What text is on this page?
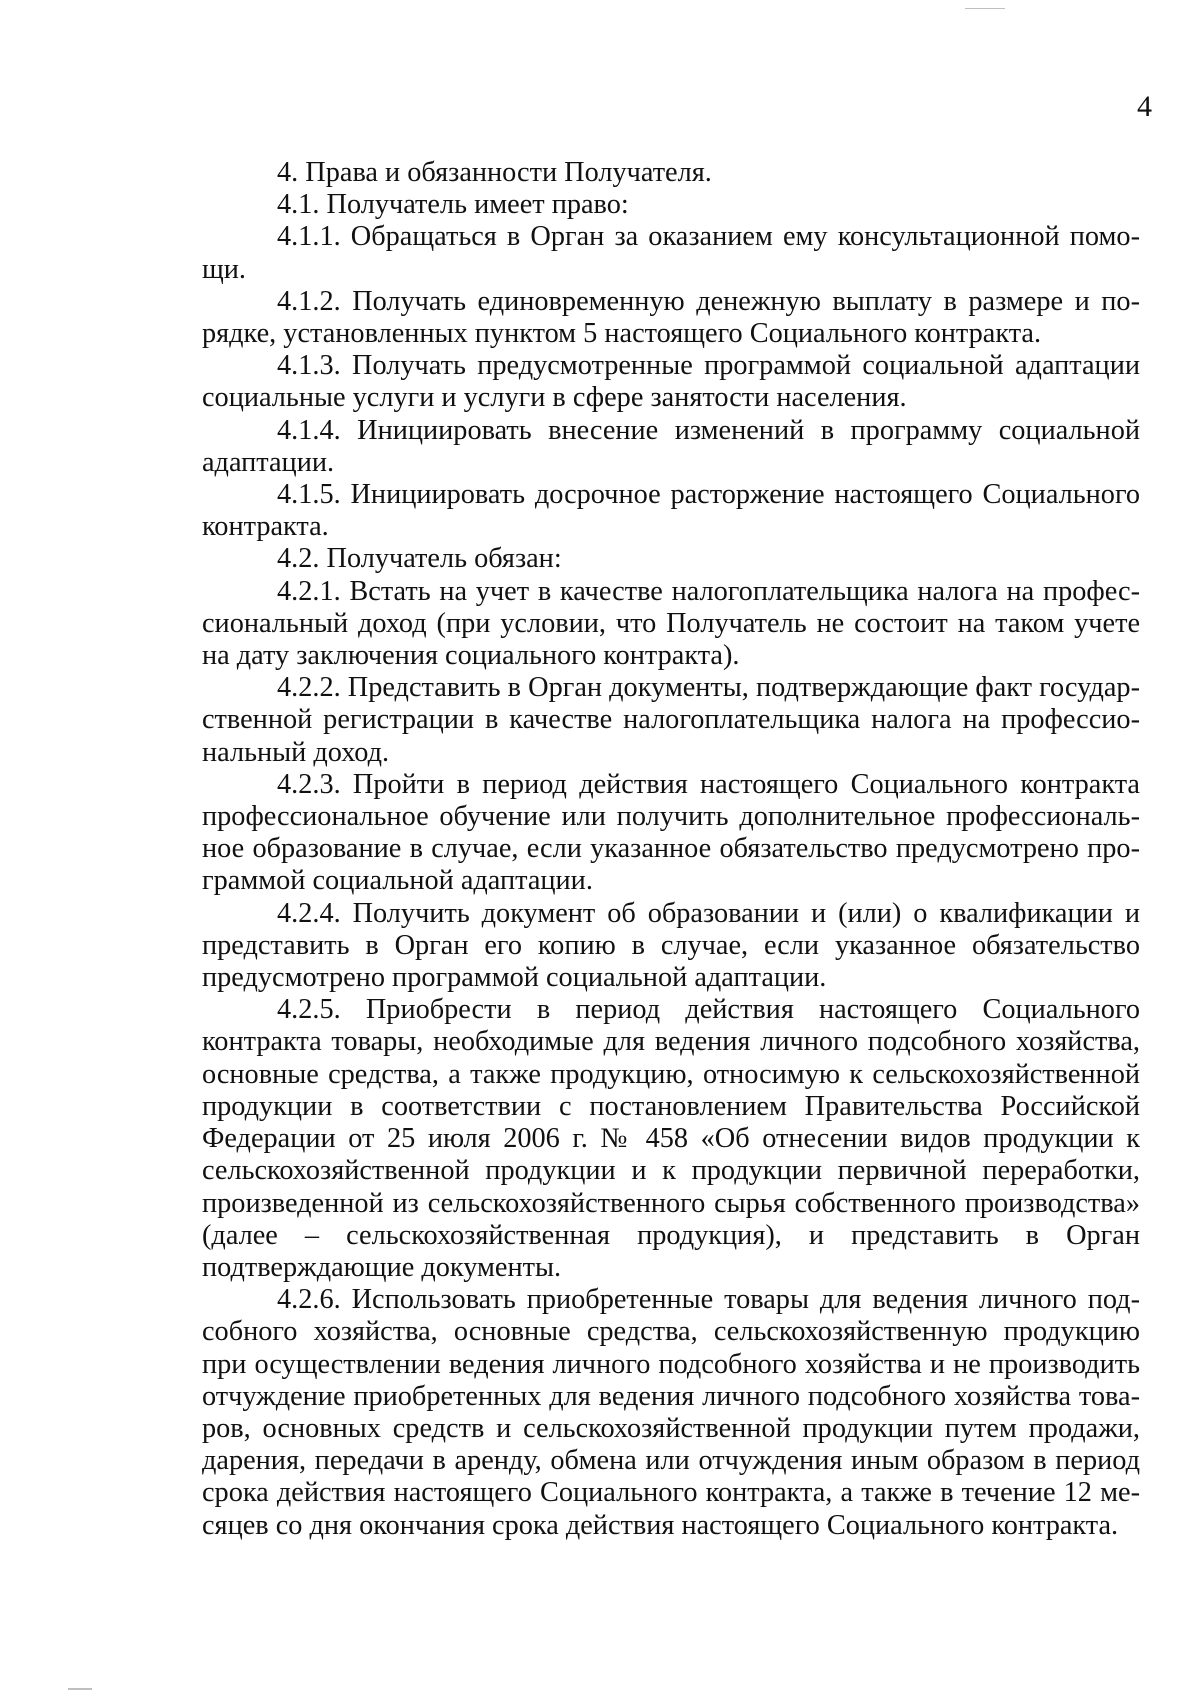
4

4. Права и обязанности Получателя.

4.1. Получатель имеет право:

4.1.1. Обращаться в Орган за оказанием ему консультационной помощи.

4.1.2. Получать единовременную денежную выплату в размере и порядке, установленных пунктом 5 настоящего Социального контракта.

4.1.3. Получать предусмотренные программой социальной адаптации социальные услуги и услуги в сфере занятости населения.

4.1.4. Инициировать внесение изменений в программу социальной адаптации.

4.1.5. Инициировать досрочное расторжение настоящего Социального контракта.

4.2. Получатель обязан:

4.2.1. Встать на учет в качестве налогоплательщика налога на профессиональный доход (при условии, что Получатель не состоит на таком учете на дату заключения социального контракта).

4.2.2. Представить в Орган документы, подтверждающие факт государственной регистрации в качестве налогоплательщика налога на профессиональный доход.

4.2.3. Пройти в период действия настоящего Социального контракта профессиональное обучение или получить дополнительное профессиональное образование в случае, если указанное обязательство предусмотрено программой социальной адаптации.

4.2.4. Получить документ об образовании и (или) о квалификации и представить в Орган его копию в случае, если указанное обязательство предусмотрено программой социальной адаптации.

4.2.5. Приобрести в период действия настоящего Социального контракта товары, необходимые для ведения личного подсобного хозяйства, основные средства, а также продукцию, относимую к сельскохозяйственной продукции в соответствии с постановлением Правительства Российской Федерации от 25 июля 2006 г. № 458 «Об отнесении видов продукции к сельскохозяйственной продукции и к продукции первичной переработки, произведенной из сельскохозяйственного сырья собственного производства» (далее – сельскохозяйственная продукция), и представить в Орган подтверждающие документы.

4.2.6. Использовать приобретенные товары для ведения личного подсобного хозяйства, основные средства, сельскохозяйственную продукцию при осуществлении ведения личного подсобного хозяйства и не производить отчуждение приобретенных для ведения личного подсобного хозяйства товаров, основных средств и сельскохозяйственной продукции путем продажи, дарения, передачи в аренду, обмена или отчуждения иным образом в период срока действия настоящего Социального контракта, а также в течение 12 месяцев со дня окончания срока действия настоящего Социального контракта.
